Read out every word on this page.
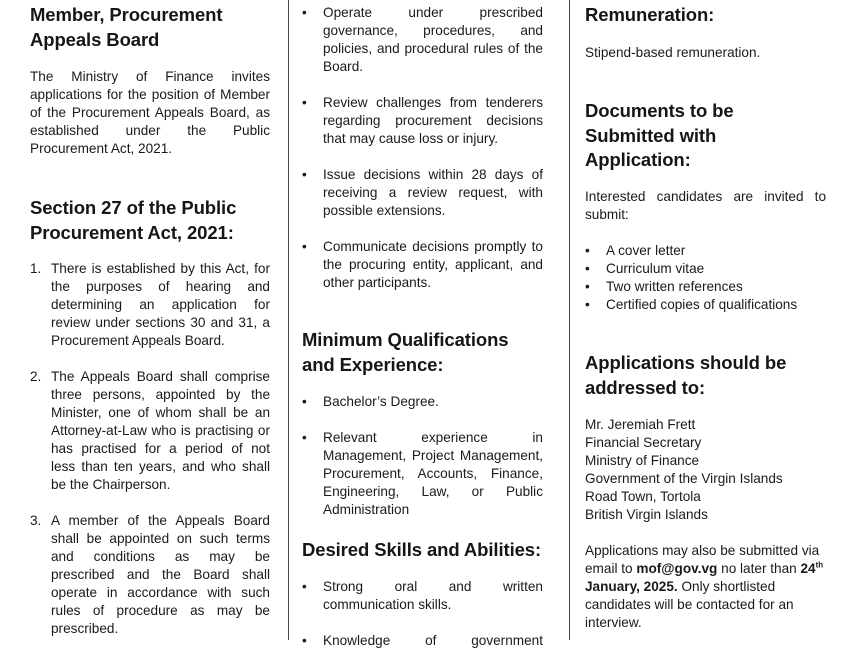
Member, Procurement Appeals Board

The Ministry of Finance invites applications for the position of Member of the Procurement Appeals Board, as established under the Public Procurement Act, 2021.

Section 27 of the Public Procurement Act, 2021:
1. There is established by this Act, for the purposes of hearing and determining an application for review under sections 30 and 31, a Procurement Appeals Board.
2. The Appeals Board shall comprise three persons, appointed by the Minister, one of whom shall be an Attorney-at-Law who is practising or has practised for a period of not less than ten years, and who shall be the Chairperson.
3. A member of the Appeals Board shall be appointed on such terms and conditions as may be prescribed and the Board shall operate in accordance with such rules of procedure as may be prescribed.
• Operate under prescribed governance, procedures, and policies, and procedural rules of the Board.
• Review challenges from tenderers regarding procurement decisions that may cause loss or injury.
• Issue decisions within 28 days of receiving a review request, with possible extensions.
• Communicate decisions promptly to the procuring entity, applicant, and other participants.
Minimum Qualifications and Experience:
• Bachelor’s Degree.
• Relevant experience in Management, Project Management, Procurement, Accounts, Finance, Engineering, Law, or Public Administration
Desired Skills and Abilities:
• Strong oral and written communication skills.
• Knowledge of government
Remuneration:

Stipend-based remuneration.

Documents to be Submitted with Application:

Interested candidates are invited to submit:

• A cover letter
• Curriculum vitae
• Two written references
• Certified copies of qualifications
Applications should be addressed to:

Mr. Jeremiah Frett

Financial Secretary

Ministry of Finance

Government of the Virgin Islands

Road Town, Tortola

British Virgin Islands

Applications may also be submitted via email to mof@gov.vg no later than 24th January, 2025. Only shortlisted candidates will be contacted for an interview.
